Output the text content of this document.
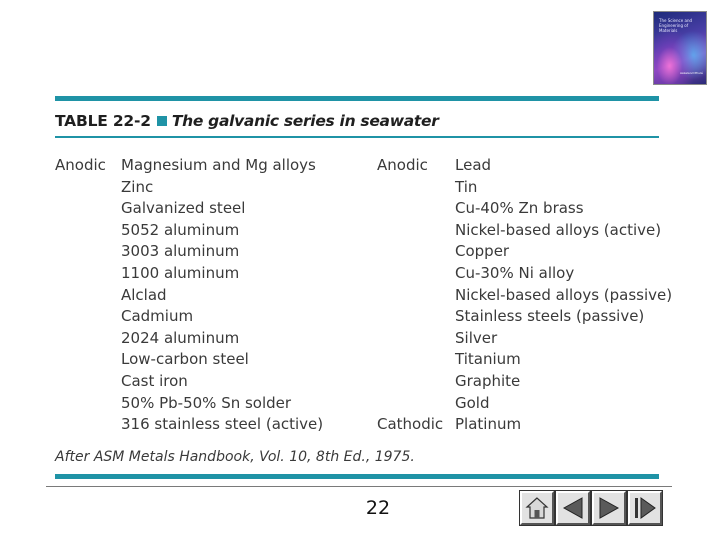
The Science and Engineering of Materials
Askeland Phulé
TABLE 22-2 The galvanic series in seawater

Anodic Magnesium and Mg alloys
Zinc
Galvanized steel
5052 aluminum
3003 aluminum
1100 aluminum
Alclad
Cadmium
2024 aluminum
Low-carbon steel
Cast iron
50% Pb-50% Sn solder
316 stainless steel (active)

Anodic

Cathodic

Lead
Tin
Cu-40% Zn brass
Nickel-based alloys (active)
Copper
Cu-30% Ni alloy
Nickel-based alloys (passive)
Stainless steels (passive)
Silver
Titanium
Graphite
Gold
Platinum

After ASM Metals Handbook, Vol. 10, 8th Ed., 1975.

22
